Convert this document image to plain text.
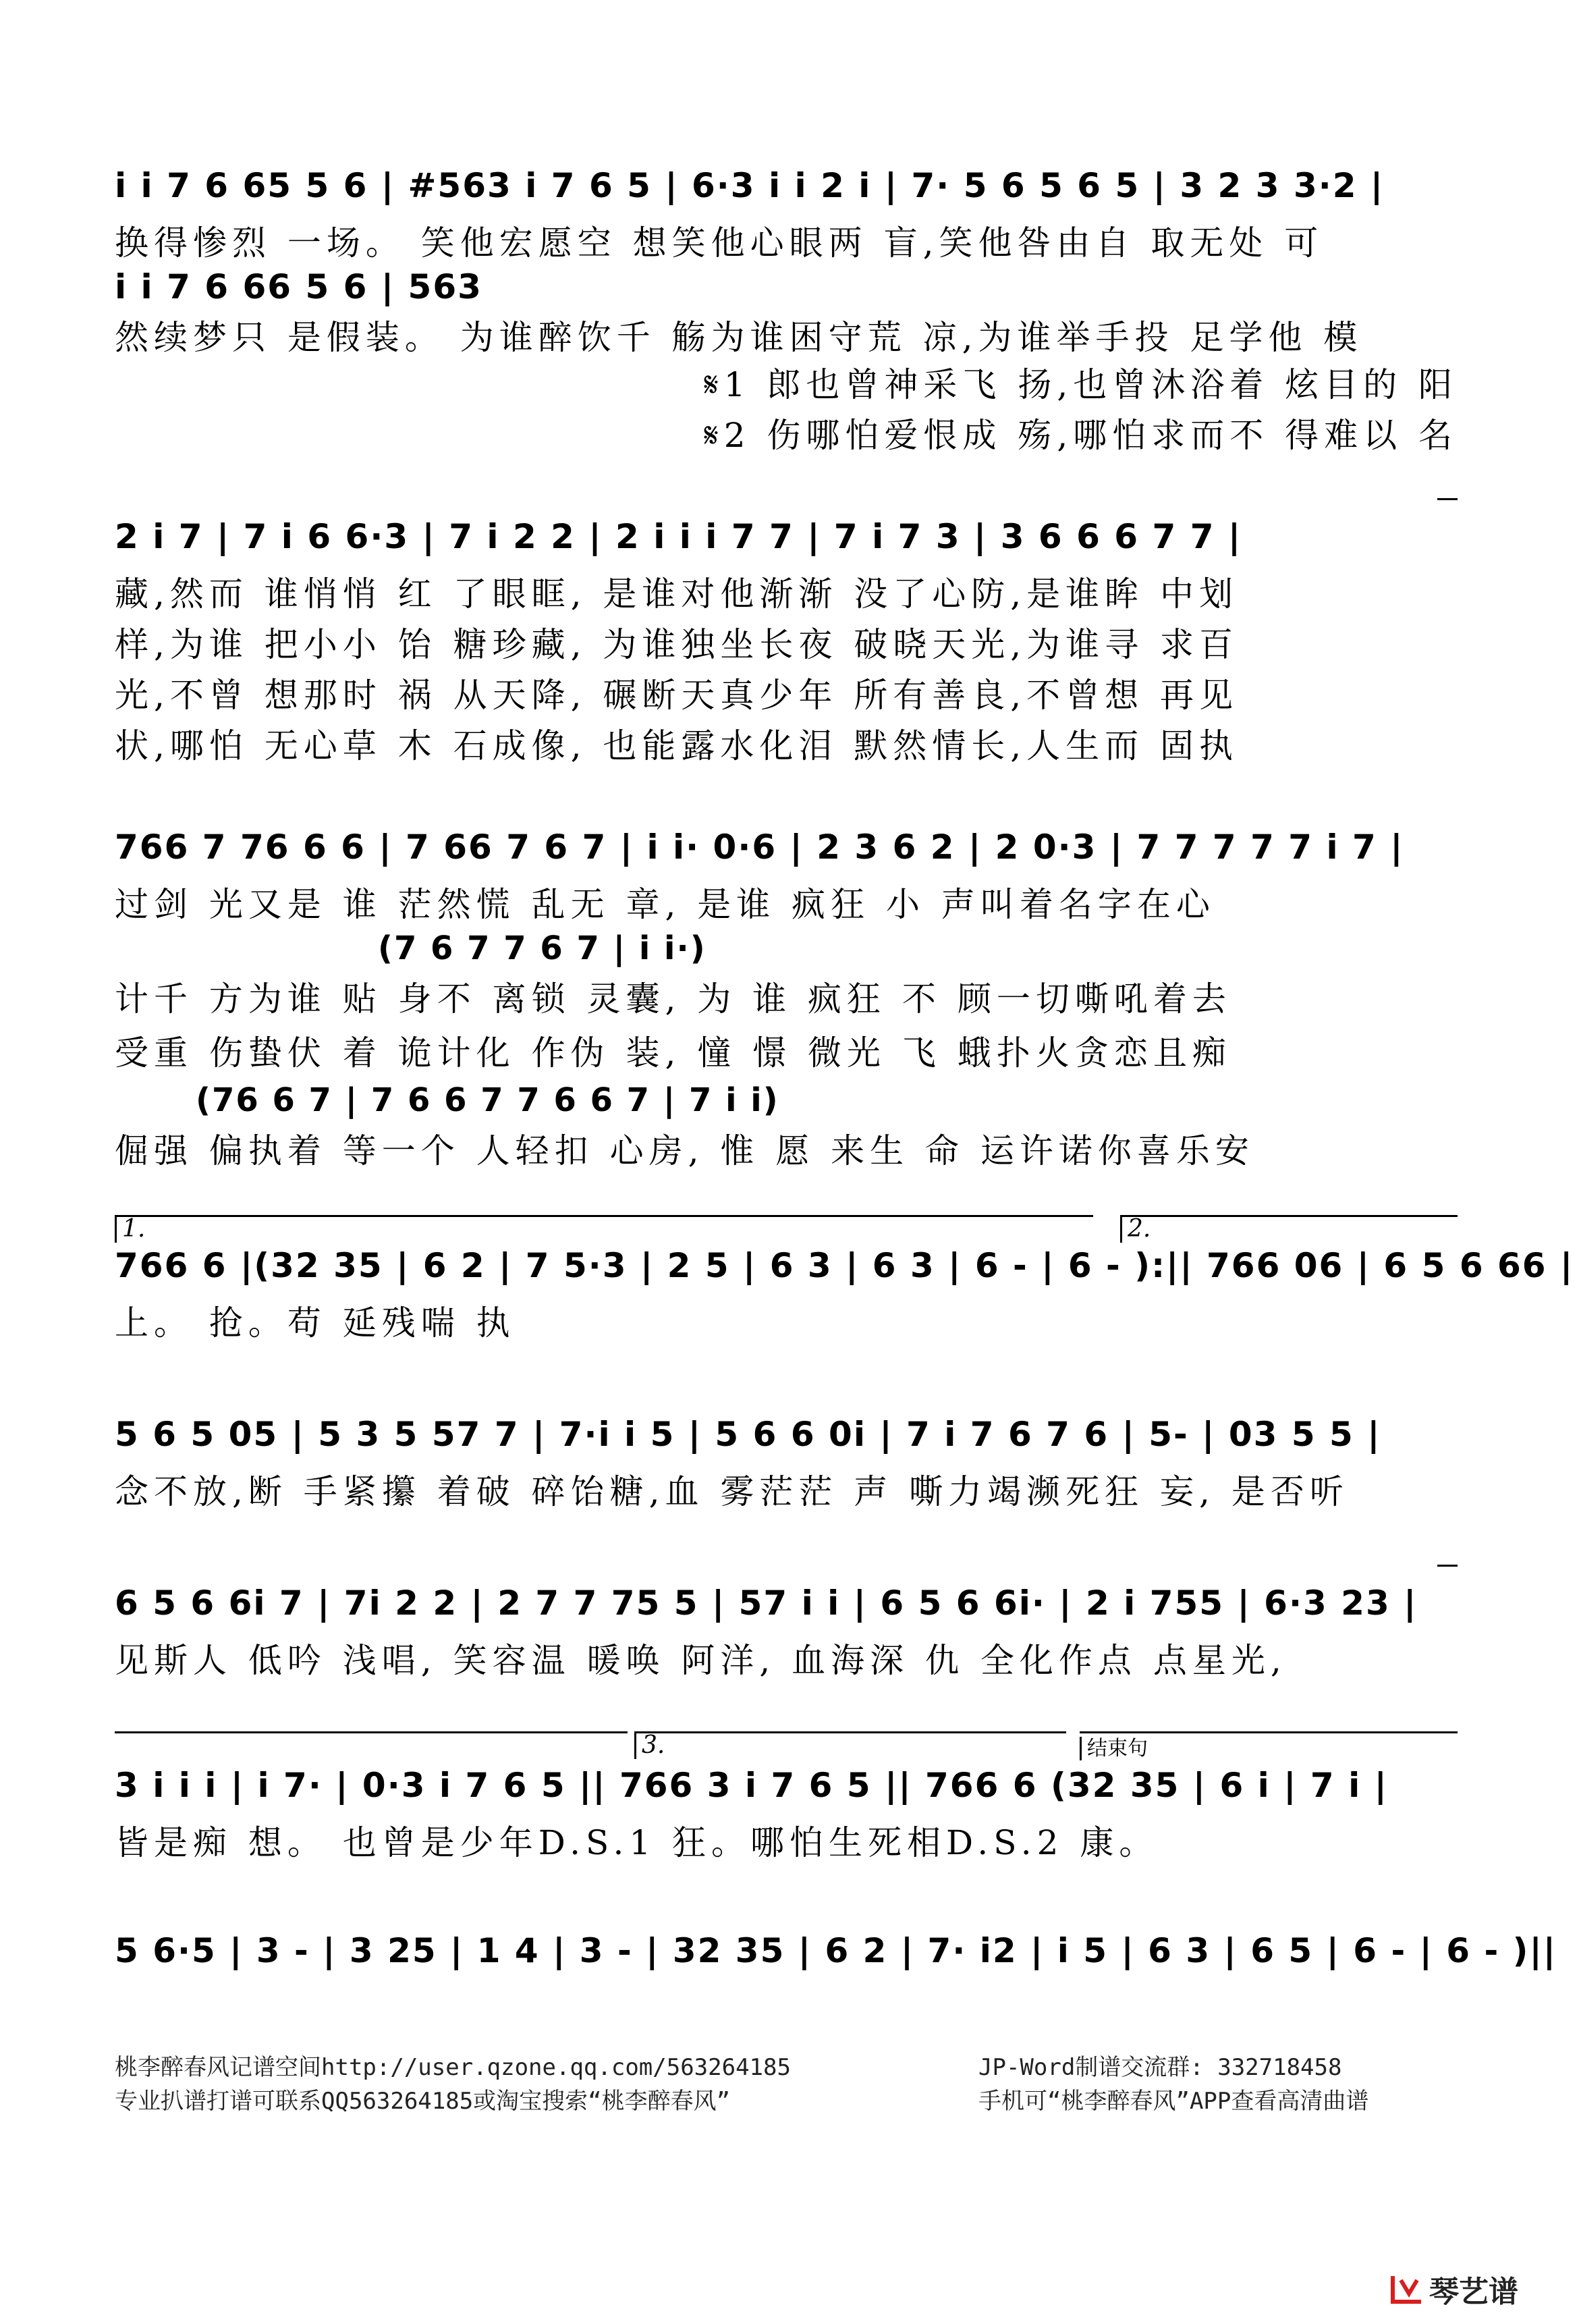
i i 7 6 65 5 6 | #563 i 7 6 5 | 6·3 i i 2 i | 7· 5 6 5 6 5 | 3 2 3 3·2 |
换得惨烈 一场。 笑他宏愿空 想笑他心眼两 盲,笑他咎由自 取无处 可
i i 7 6 66 5 6 | 563
然续梦只 是假装。 为谁醉饮千 觞为谁困守荒 凉,为谁举手投 足学他 模
𝄋1 郎也曾神采飞 扬,也曾沐浴着 炫目的 阳
𝄋2 伤哪怕爱恨成 殇,哪怕求而不 得难以 名
2 i 7 | 7 i 6 6·3 | 7 i 2 2 | 2 i i i 7 7 | 7 i 7 3 | 3 6 6 6 7 7 |
藏,然而 谁悄悄 红 了眼眶, 是谁对他渐渐 没了心防,是谁眸 中划
样,为谁 把小小 饴 糖珍藏, 为谁独坐长夜 破晓天光,为谁寻 求百
光,不曾 想那时 祸 从天降, 碾断天真少年 所有善良,不曾想 再见
状,哪怕 无心草 木 石成像, 也能露水化泪 默然情长,人生而 固执
766 7 76 6 6 | 7 66 7 6 7 | i i· 0·6 | 2 3 6 2 | 2 0·3 | 7 7 7 7 7 i 7 |
过剑 光又是 谁 茫然慌 乱无 章, 是谁 疯狂 小 声叫着名字在心
(7 6 7 7 6 7 | i i·)
计千 方为谁 贴 身不 离锁 灵囊, 为 谁 疯狂 不 顾一切嘶吼着去
受重 伤蛰伏 着 诡计化 作伪 装, 憧 憬 微光 飞 蛾扑火贪恋且痴
(76 6 7 | 7 6 6 7 7 6 6 7 | 7 i i)
倔强 偏执着 等一个 人轻扣 心房, 惟 愿 来生 命 运许诺你喜乐安
1.	2.
766 6 |(32 35 | 6 2 | 7 5·3 | 2 5 | 6 3 | 6 3 | 6 - | 6 - ):|| 766 06 | 6 5 6 66 |
上。 抢。苟 延残喘 执
5 6 5 05 | 5 3 5 57 7 | 7·i i 5 | 5 6 6 0i | 7 i 7 6 7 6 | 5- | 03 5 5 |
念不放,断 手紧攥 着破 碎饴糖,血 雾茫茫 声 嘶力竭濒死狂 妄, 是否听
6 5 6 6i 7 | 7i 2 2 | 2 7 7 75 5 | 57 i i | 6 5 6 6i· | 2 i 755 | 6·3 23 |
见斯人 低吟 浅唱, 笑容温 暖唤 阿洋, 血海深 仇 全化作点 点星光,
3.	结束句
3 i i i | i 7· | 0·3 i 7 6 5 || 766 3 i 7 6 5 || 766 6 (32 35 | 6 i | 7 i |
皆是痴 想。 也曾是少年D.S.1 狂。哪怕生死相D.S.2 康。
5 6·5 | 3 - | 3 25 | 1 4 | 3 - | 32 35 | 6 2 | 7· i2 | i 5 | 6 3 | 6 5 | 6 - | 6 - )||
桃李醉春风记谱空间http://user.qzone.qq.com/563264185
专业扒谱打谱可联系QQ563264185或淘宝搜索“桃李醉春风”
JP-Word制谱交流群: 332718458
手机可“桃李醉春风”APP查看高清曲谱
琴艺谱
